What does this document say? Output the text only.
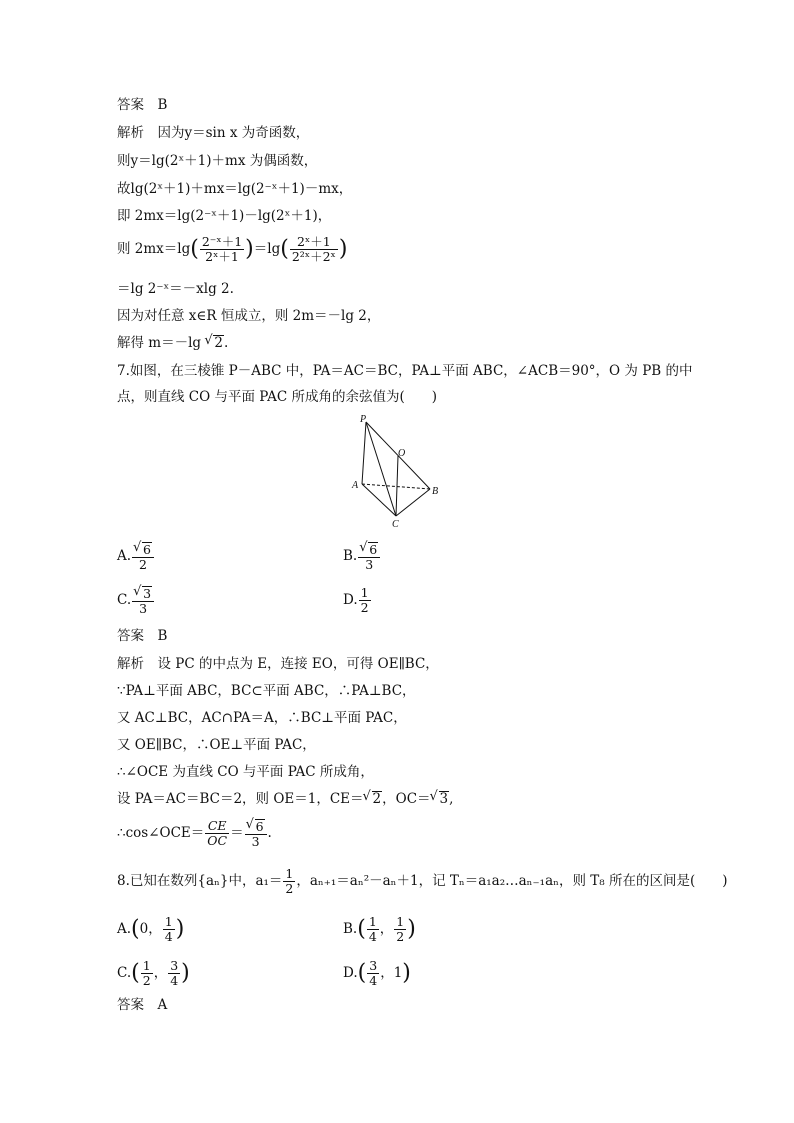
答案　B
解析　 因为y＝sin x 为奇函数，
则y＝lg(2ˣ＋1)＋mx 为偶函数，
故lg(2ˣ＋1)＋mx＝lg(2⁻ˣ＋1)－mx，
即 2mx＝lg(2⁻ˣ＋1)－lg(2ˣ＋1)，
则 $2mx=\lg( \frac{\text{2⁻ˣ＋1}}{\text{2ˣ＋1}} )=\lg( \frac{\text{2ˣ＋1}}{\text{2²ˣ＋2ˣ}}$ )
＝lg 2⁻ˣ＝－xlg 2.
因为对任意 x∈R 恒成立，则 2m＝－lg 2，
解得 m＝－lg √ 2.
7.如图，在三棱锥 P－ABC 中，PA＝AC＝BC，PA⊥平面 ABC，∠ACB＝90°，O 为 PB 的中
点，则直线 CO 与平面 PAC 所成角的余弦值为(　　)
P
O
A
B
C
A. √ $\frac{6}{2}$	B. √ $\frac{6}{3}$
C. √ $\frac{3}{3}$	D. $\frac{1}{2}$
答案　B
解析　 设 PC 的中点为 E，连接 EO，可得 OE∥BC，
∵PA⊥平面 ABC，BC⊂平面 ABC，∴PA⊥BC，
又 AC⊥BC，AC∩PA＝A，∴BC⊥平面 PAC，
又 OE∥BC，∴OE⊥平面 PAC，
∴∠OCE 为直线 CO 与平面 PAC 所成角，
设 PA＝AC＝BC＝2，则 OE＝1，CE＝ √ 2，OC＝ √ 3,
∴cos∠OCE＝ $\frac{CE}{OC}$ ＝ √ $\frac{6}{3}$ .
8.已知在数列{aₙ}中，$a_1= \frac{1}{2}$ ，aₙ₊₁＝aₙ²－aₙ＋1，记 Tₙ＝a₁a₂…aₙ₋₁aₙ，则 T₈ 所在的区间是(　　)
A.(0， $\frac{1}{4}$ )	$B.( \frac{1}{4}$ ， $\frac{1}{2}$ )
$C.( \frac{1}{2}$ ， $\frac{3}{4}$ )	$D.( \frac{3}{4}$ ，1)
答案　A
